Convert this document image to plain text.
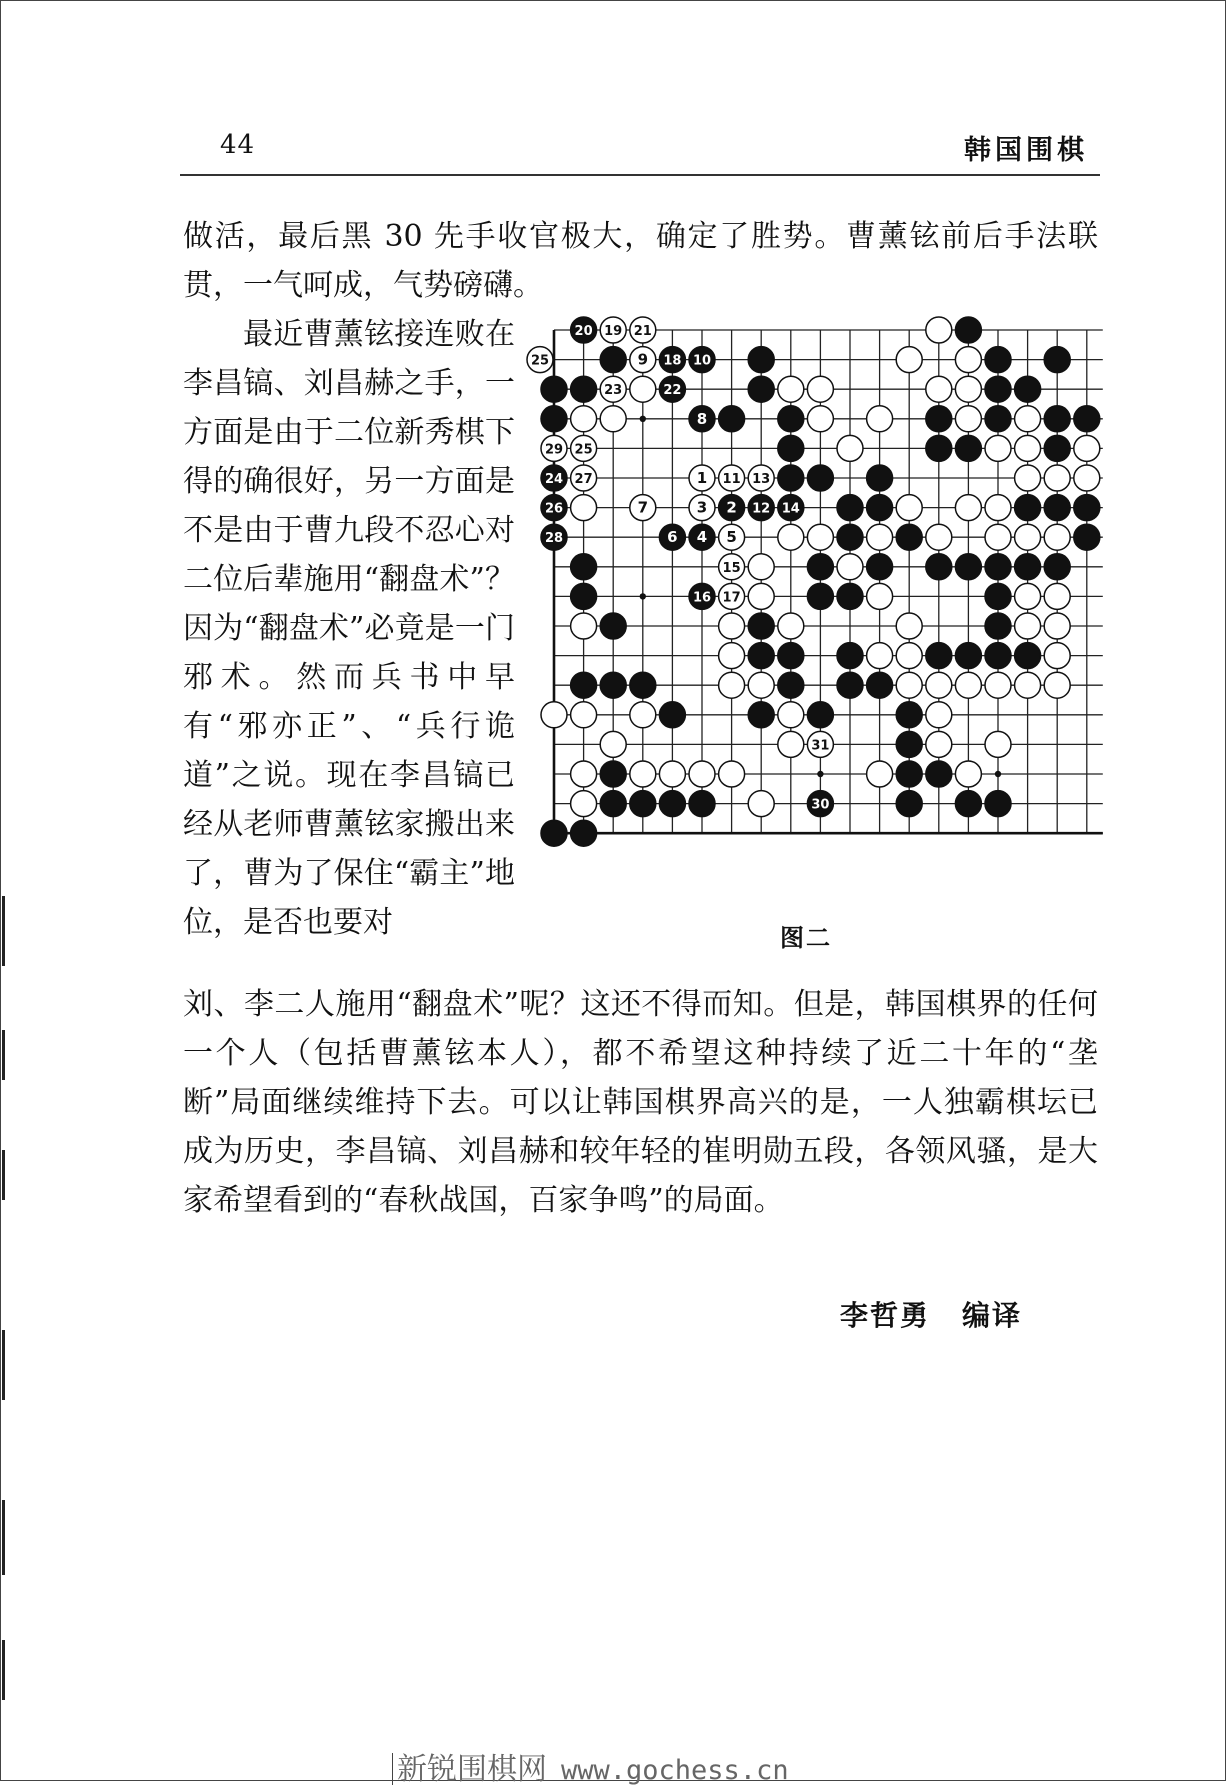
44	韩国围棋

做活，最后黑 30 先手收官极大，确定了胜势。曹薰铉前后手法联贯，一气呵成，气势磅礴。

最近曹薰铉接连败在李昌镐、刘昌赫之手，一方面是由于二位新秀棋下得的确很好，另一方面是不是由于曹九段不忍心对二位后辈施用“翻盘术”？因为“翻盘术”必竟是一门邪术。然而兵书中早有“邪亦正”、“兵行诡道”之说。现在李昌镐已经从老师曹薰铉家搬出来了，曹为了保住“霸主”地位，是否也要对

20 19 21
25	9 18 10
23	22
8
29 25
24 27	1 11 13
26	7	3 2 12 14
28	6 4 5
15
16 17
31
30
图二

刘、李二人施用“翻盘术”呢？这还不得而知。但是，韩国棋界的任何一个人（包括曹薰铉本人），都不希望这种持续了近二十年的“垄断”局面继续维持下去。可以让韩国棋界高兴的是，一人独霸棋坛已成为历史，李昌镐、刘昌赫和较年轻的崔明勋五段，各领风骚，是大家希望看到的“春秋战国，百家争鸣”的局面。

李哲勇 编译
新锐围棋网 www.gochess.cn
